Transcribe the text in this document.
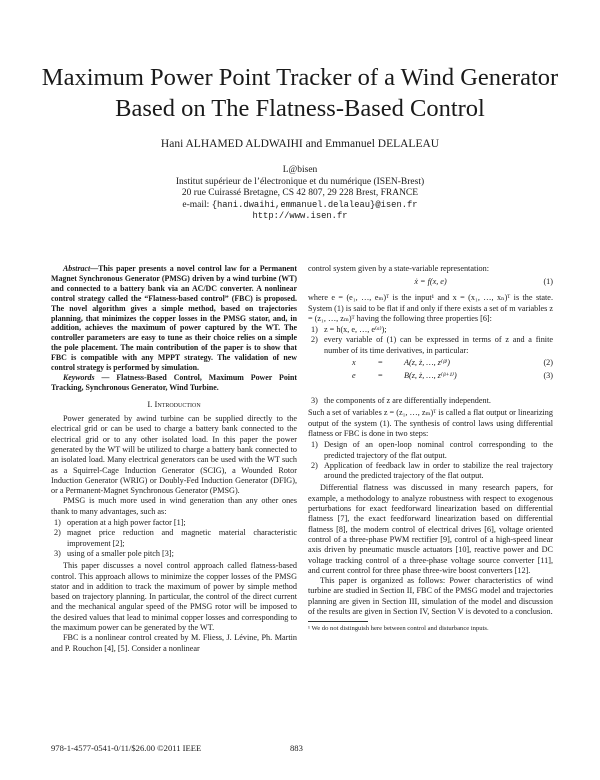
Maximum Power Point Tracker of a Wind Generator
Based on The Flatness-Based Control
Hani ALHAMED ALDWAIHI and Emmanuel DELALEAU
L@bisen
Institut supérieur de l’électronique et du numérique (ISEN-Brest)
20 rue Cuirassé Bretagne, CS 42 807, 29 228 Brest, FRANCE
e-mail: {hani.dwaihi,emmanuel.delaleau}@isen.fr
http://www.isen.fr

Abstract—This paper presents a novel control law for a Permanent Magnet Synchronous Generator (PMSG) driven by a wind turbine (WT) and connected to a battery bank via an AC/DC converter. A nonlinear control strategy called the “Flatness-based control” (FBC) is proposed. The novel algorithm gives a simple method, based on trajectories planning, that minimizes the copper losses in the PMSG stator, and, in addition, achieves the maximum of power captured by the WT. The controller parameters are easy to tune as their choice relies on a simple the pole placement. The main contribution of the paper is to show that FBC is compatible with any MPPT strategy. The validation of new control strategy is performed by simulation.

Keywords — Flatness-Based Control, Maximum Power Point Tracking, Synchronous Generator, Wind Turbine.

I. Introduction

Power generated by awind turbine can be supplied directly to the electrical grid or can be used to charge a battery bank connected to the electrical grid or to any other isolated load. In this paper the power generated by the WT will be utilized to charge a battery bank connected to an isolated load. Many electrical generators can be used with the WT such as a Squirrel-Cage Induction Generator (SCIG), a Wounded Rotor Induction Generator (WRIG) or Doubly-Fed Induction Generator (DFIG), or a Permanent-Magnet Synchronous Generator (PMSG).

PMSG is much more used in wind generation than any other ones thank to many advantages, such as:

1) operation at a high power factor [1];
2) magnet price reduction and magnetic material characteristic improvement [2];
3) using of a smaller pole pitch [3];

This paper discusses a novel control approach called flatness-based control. This approach allows to minimize the copper losses of the PMSG stator and in addition to track the maximum of power by simple method based on trajectory planning. In particular, the control of the direct current and the mechanical angular speed of the PMSG rotor will be imposed to the desired values that lead to minimal copper losses and corresponding to the maximum power can be generated by the WT.

FBC is a nonlinear control created by M. Fliess, J. Lévine, Ph. Martin and P. Rouchon [4], [5]. Consider a nonlinear

control system given by a state-variable representation:

ẋ = f(x, e)	(1)

where e = (e₁, …, eₘ)ᵀ is the input¹ and x = (x₁, …, xₙ)ᵀ is the state. System (1) is said to be flat if and only if there exists a set of m variables z = (z₁, …, zₘ)ᵀ having the following three properties [6]:

1) z = h(x, e, …, e⁽ᵅ⁾);
2) every variable of (1) can be expressed in terms of z and a finite number of its time derivatives, in particular:
x	=	A(z, ż, …, z⁽ᵝ⁾)	(2)
e	=	B(z, ż, …, z⁽ᵝ⁺¹⁾)	(3)
3) the components of z are differentially independent.

Such a set of variables z = (z₁, …, zₘ)ᵀ is called a flat output or linearizing output of the system (1). The synthesis of control laws using differential flatness or FBC is done in two steps:

1) Design of an open-loop nominal control corresponding to the predicted trajectory of the flat output.
2) Application of feedback law in order to stabilize the real trajectory around the predicted trajectory of the flat output.

Differential flatness was discussed in many research papers, for example, a methodology to analyze robustness with respect to exogenous perturbations for exact feedforward linearization based on differential flatness [7], the exact feedforward linearization based on differential flatness [8], the modern control of electrical drives [6], voltage oriented control of a three-phase PWM rectifier [9], control of a high-speed linear axis driven by pneumatic muscle actuators [10], reactive power and DC voltage tracking control of a three-phase voltage source converter [11], and current control for three phase three-wire boost converters [12].

This paper is organized as follows: Power characteristics of wind turbine are studied in Section II, FBC of the PMSG model and trajectories planning are given in Section III, simulation of the model and discussion of the results are given in Section IV, Section V is devoted to a conclusion.

¹ We do not distinguish here between control and disturbance inputs.

978-1-4577-0541-0/11/$26.00 ©2011 IEEE	883
